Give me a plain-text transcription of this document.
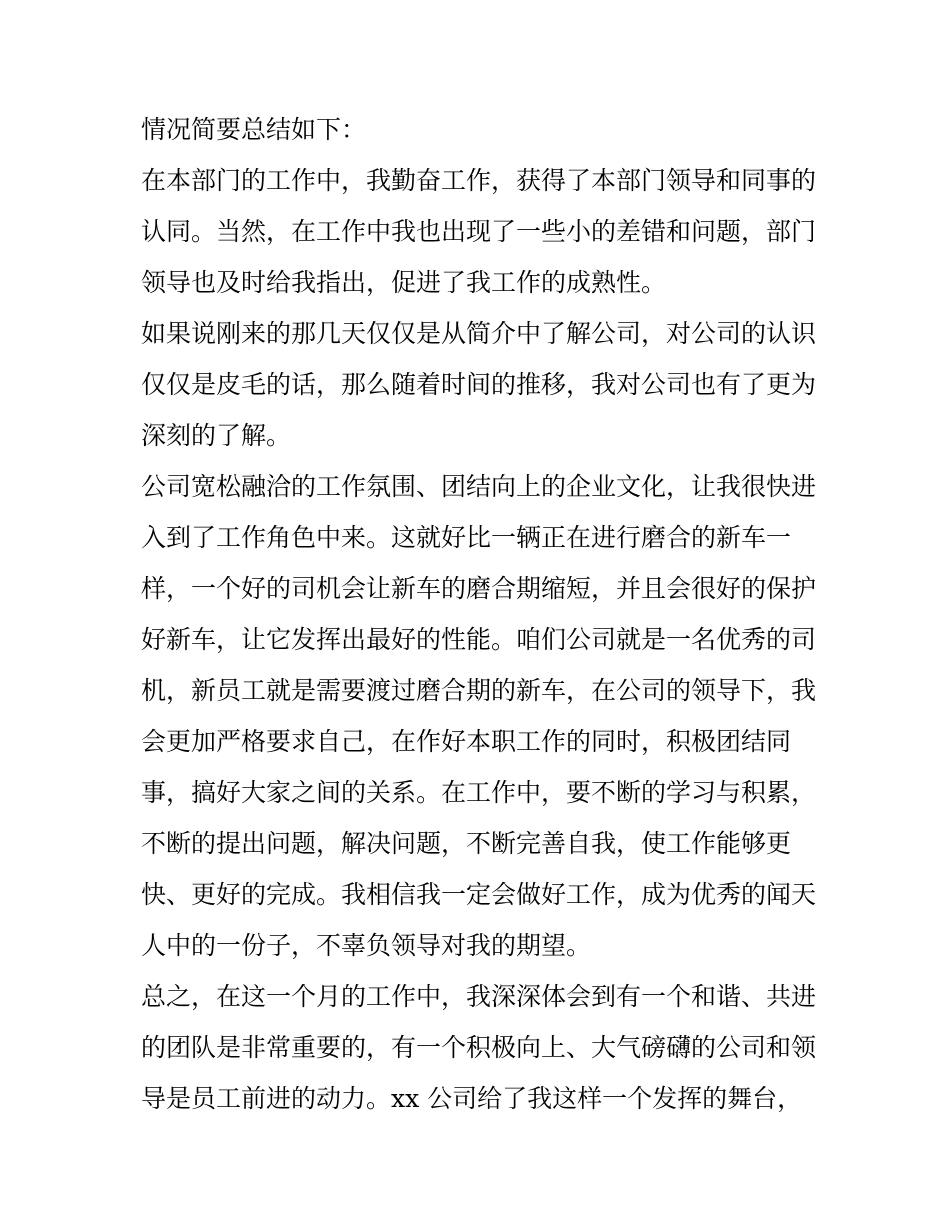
情况简要总结如下：
在本部门的工作中，我勤奋工作，获得了本部门领导和同事的
认同。当然，在工作中我也出现了一些小的差错和问题，部门
领导也及时给我指出，促进了我工作的成熟性。
如果说刚来的那几天仅仅是从简介中了解公司，对公司的认识
仅仅是皮毛的话，那么随着时间的推移，我对公司也有了更为
深刻的了解。
公司宽松融洽的工作氛围、团结向上的企业文化，让我很快进
入到了工作角色中来。这就好比一辆正在进行磨合的新车一
样，一个好的司机会让新车的磨合期缩短，并且会很好的保护
好新车，让它发挥出最好的性能。咱们公司就是一名优秀的司
机，新员工就是需要渡过磨合期的新车，在公司的领导下，我
会更加严格要求自己，在作好本职工作的同时，积极团结同
事，搞好大家之间的关系。在工作中，要不断的学习与积累，
不断的提出问题，解决问题，不断完善自我，使工作能够更
快、更好的完成。我相信我一定会做好工作，成为优秀的闻天
人中的一份子，不辜负领导对我的期望。
总之，在这一个月的工作中，我深深体会到有一个和谐、共进
的团队是非常重要的，有一个积极向上、大气磅礴的公司和领
导是员工前进的动力。xx 公司给了我这样一个发挥的舞台，
